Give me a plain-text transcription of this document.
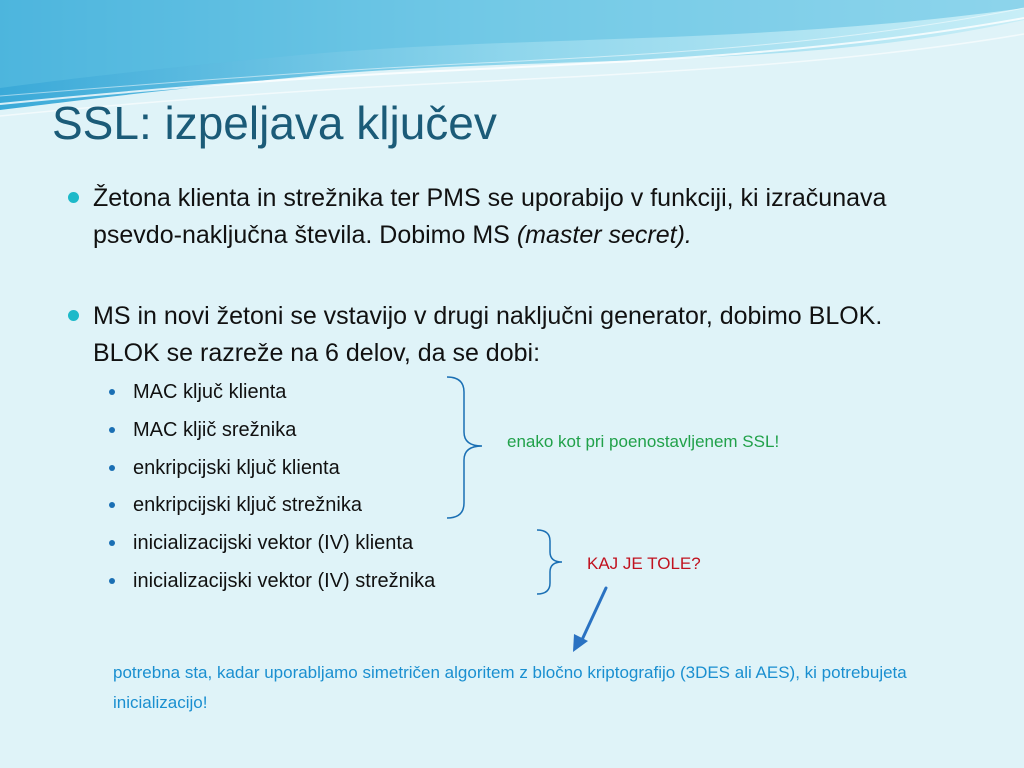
SSL: izpeljava ključev
Žetona klienta in strežnika ter PMS se uporabijo v funkciji, ki izračunava psevdo-naključna števila. Dobimo MS (master secret).
MS in novi žetoni se vstavijo v drugi naključni generator, dobimo BLOK. BLOK se razreže na 6 delov, da se dobi:
MAC ključ klienta
MAC kljič srežnika
enkripcijski ključ klienta
enkripcijski ključ strežnika
inicializacijski vektor (IV) klienta
inicializacijski vektor (IV) strežnika
enako kot pri poenostavljenem SSL!
KAJ JE TOLE?
potrebna sta, kadar uporabljamo simetričen algoritem z bločno kriptografijo (3DES ali AES), ki potrebujeta inicializacijo!
